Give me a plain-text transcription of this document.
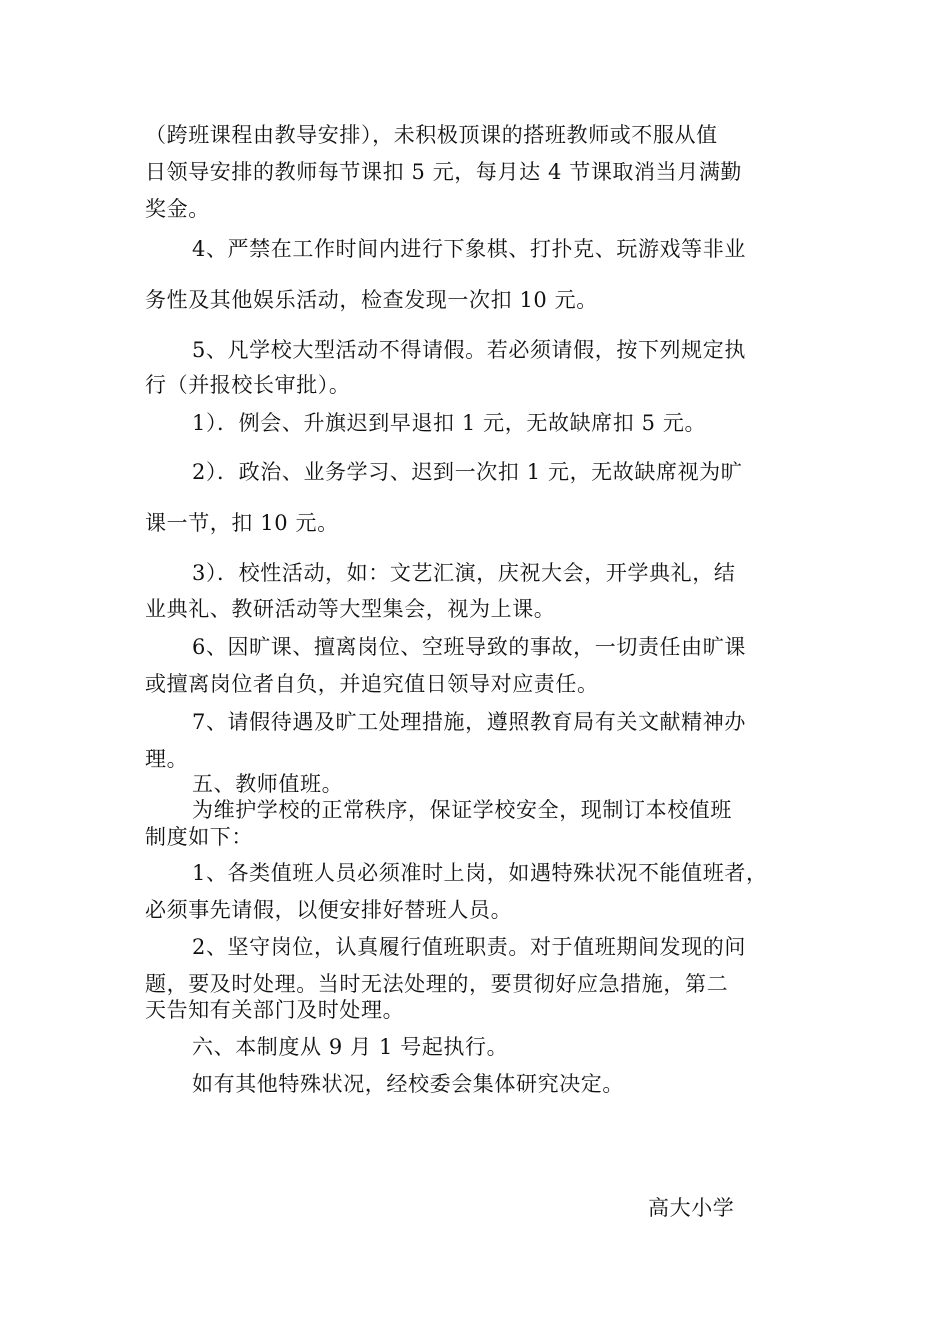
（跨班课程由教导安排），未积极顶课的搭班教师或不服从值
日领导安排的教师每节课扣 5 元，每月达 4 节课取消当月满勤
奖金。
4、严禁在工作时间内进行下象棋、打扑克、玩游戏等非业
务性及其他娱乐活动，检查发现一次扣 10 元。
5、凡学校大型活动不得请假。若必须请假，按下列规定执
行（并报校长审批）。
1）．例会、升旗迟到早退扣 1 元，无故缺席扣 5 元。
2）．政治、业务学习、迟到一次扣 1 元，无故缺席视为旷
课一节，扣 10 元。
3）．校性活动，如：文艺汇演，庆祝大会，开学典礼，结
业典礼、教研活动等大型集会，视为上课。
6、因旷课、擅离岗位、空班导致的事故，一切责任由旷课
或擅离岗位者自负，并追究值日领导对应责任。
7、请假待遇及旷工处理措施，遵照教育局有关文献精神办
理。
五、教师值班。
为维护学校的正常秩序，保证学校安全，现制订本校值班
制度如下：
1、各类值班人员必须准时上岗，如遇特殊状况不能值班者，
必须事先请假，以便安排好替班人员。
2、坚守岗位，认真履行值班职责。对于值班期间发现的问
题，要及时处理。当时无法处理的，要贯彻好应急措施，第二
天告知有关部门及时处理。
六、本制度从 9 月 1 号起执行。
如有其他特殊状况，经校委会集体研究决定。
高大小学
